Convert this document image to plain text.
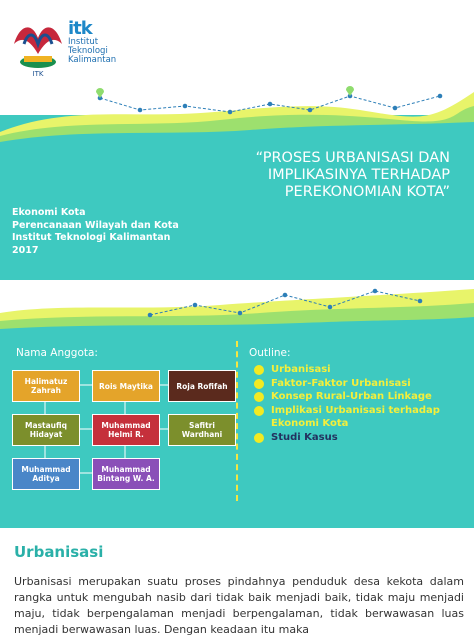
ITK
itk
Institut
Teknologi
Kalimantan
“PROSES URBANISASI DAN
IMPLIKASINYA TERHADAP
PEREKONOMIAN KOTA”
Ekonomi Kota
Perencanaan Wilayah dan Kota
Institut Teknologi Kalimantan
2017
Nama Anggota:
Halimatuz Zahrah	Rois Maytika	Roja Rofifah
Mastaufiq Hidayat
Muhammad Helmi R.
Safitri Wardhani
Muhammad Aditya
Muhammad Bintang W. A.
Outline:
Urbanisasi
Faktor-Faktor Urbanisasi
Konsep Rural-Urban Linkage
Implikasi Urbanisasi terhadap Ekonomi Kota
Studi Kasus
Urbanisasi

Urbanisasi merupakan suatu proses pindahnya penduduk desa kekota dalam rangka untuk mengubah nasib dari tidak baik menjadi baik, tidak maju menjadi maju, tidak berpengalaman menjadi berpengalaman, tidak berwawasan luas menjadi berwawasan luas. Dengan keadaan itu maka
